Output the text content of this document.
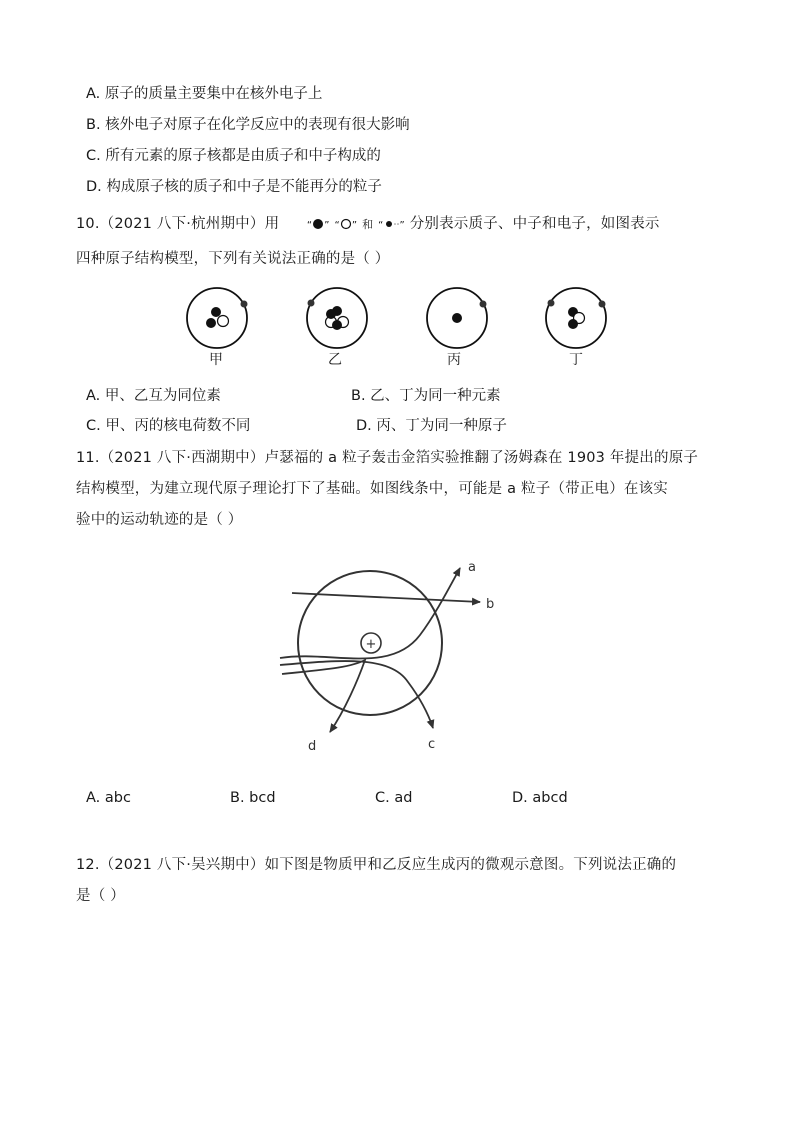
A. 原子的质量主要集中在核外电子上
B. 核外电子对原子在化学反应中的表现有很大影响
C. 所有元素的原子核都是由质子和中子构成的
D. 构成原子核的质子和中子是不能再分的粒子
10.（2021 八下·杭州期中）用	“ ” “ ” 和 “ ” 分别表示质子、中子和电子，如图表示
四种原子结构模型，下列有关说法正确的是（ ）
甲	乙	丙	丁
A. 甲、乙互为同位素	B. 乙、丁为同一种元素
C. 甲、丙的核电荷数不同	D. 丙、丁为同一种原子
11.（2021 八下·西湖期中）卢瑟福的 a 粒子轰击金箔实验推翻了汤姆森在 1903 年提出的原子
结构模型，为建立现代原子理论打下了基础。如图线条中，可能是 a 粒子（带正电）在该实
验中的运动轨迹的是（ ）
+
b
a
c
d
A. abc	B. bcd	C. ad	D. abcd
12.（2021 八下·吴兴期中）如下图是物质甲和乙反应生成丙的微观示意图。下列说法正确的
是（ ）
